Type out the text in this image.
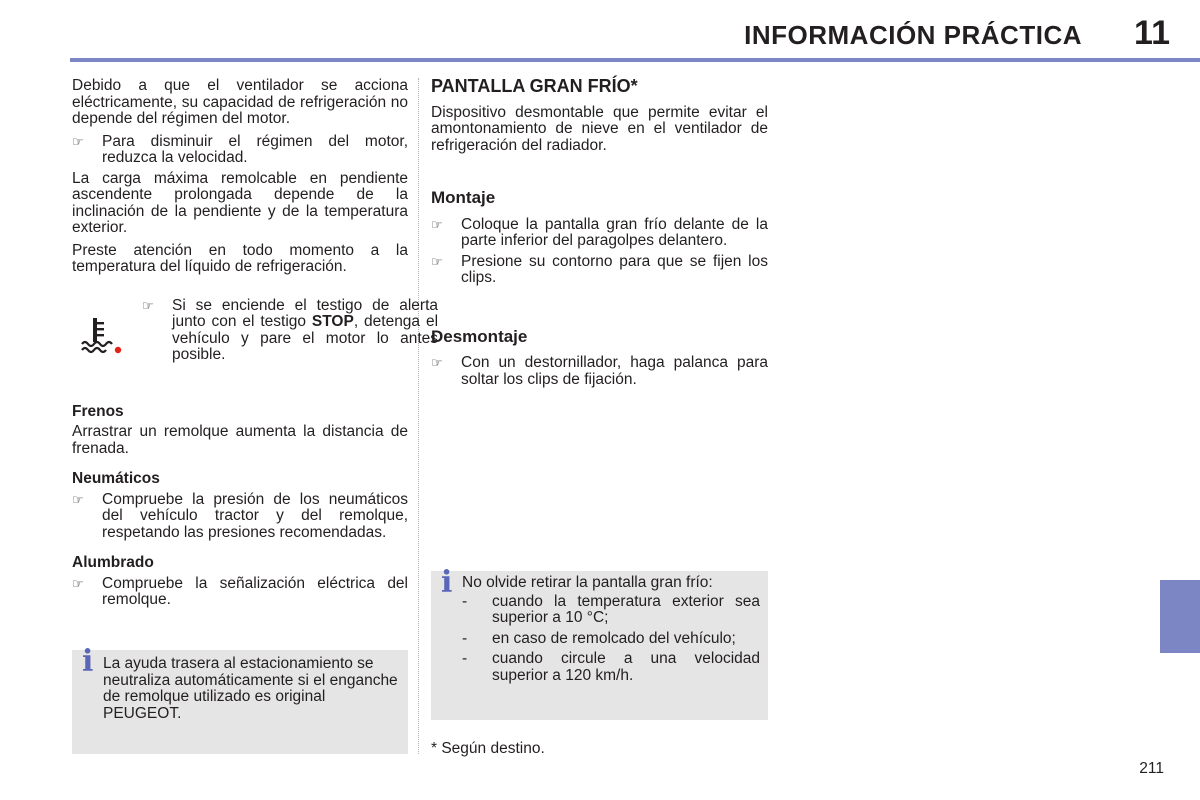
INFORMACIÓN PRÁCTICA 11

Debido a que el ventilador se acciona eléctricamente, su capacidad de refrigeración no depende del régimen del motor.

☞ Para disminuir el régimen del motor, reduzca la velocidad.

La carga máxima remolcable en pendiente ascendente prolongada depende de la inclinación de la pendiente y de la temperatura exterior.

Preste atención en todo momento a la temperatura del líquido de refrigeración.

☞ Si se enciende el testigo de alerta junto con el testigo STOP, detenga el vehículo y pare el motor lo antes posible.
Frenos

Arrastrar un remolque aumenta la distancia de frenada.

Neumáticos
☞ Compruebe la presión de los neumáticos del vehículo tractor y del remolque, respetando las presiones recomendadas.
Alumbrado
☞ Compruebe la señalización eléctrica del remolque.
i La ayuda trasera al estacionamiento se neutraliza automáticamente si el enganche de remolque utilizado es original PEUGEOT.
PANTALLA GRAN FRÍO*

Dispositivo desmontable que permite evitar el amontonamiento de nieve en el ventilador de refrigeración del radiador.

Montaje
☞ Coloque la pantalla gran frío delante de la parte inferior del paragolpes delantero.
☞ Presione su contorno para que se fijen los clips.
Desmontaje
☞ Con un destornillador, haga palanca para soltar los clips de fijación.
i No olvide retirar la pantalla gran frío:
- cuando la temperatura exterior sea superior a 10 °C;
- en caso de remolcado del vehículo;
- cuando circule a una velocidad superior a 120 km/h.
* Según destino.
211
